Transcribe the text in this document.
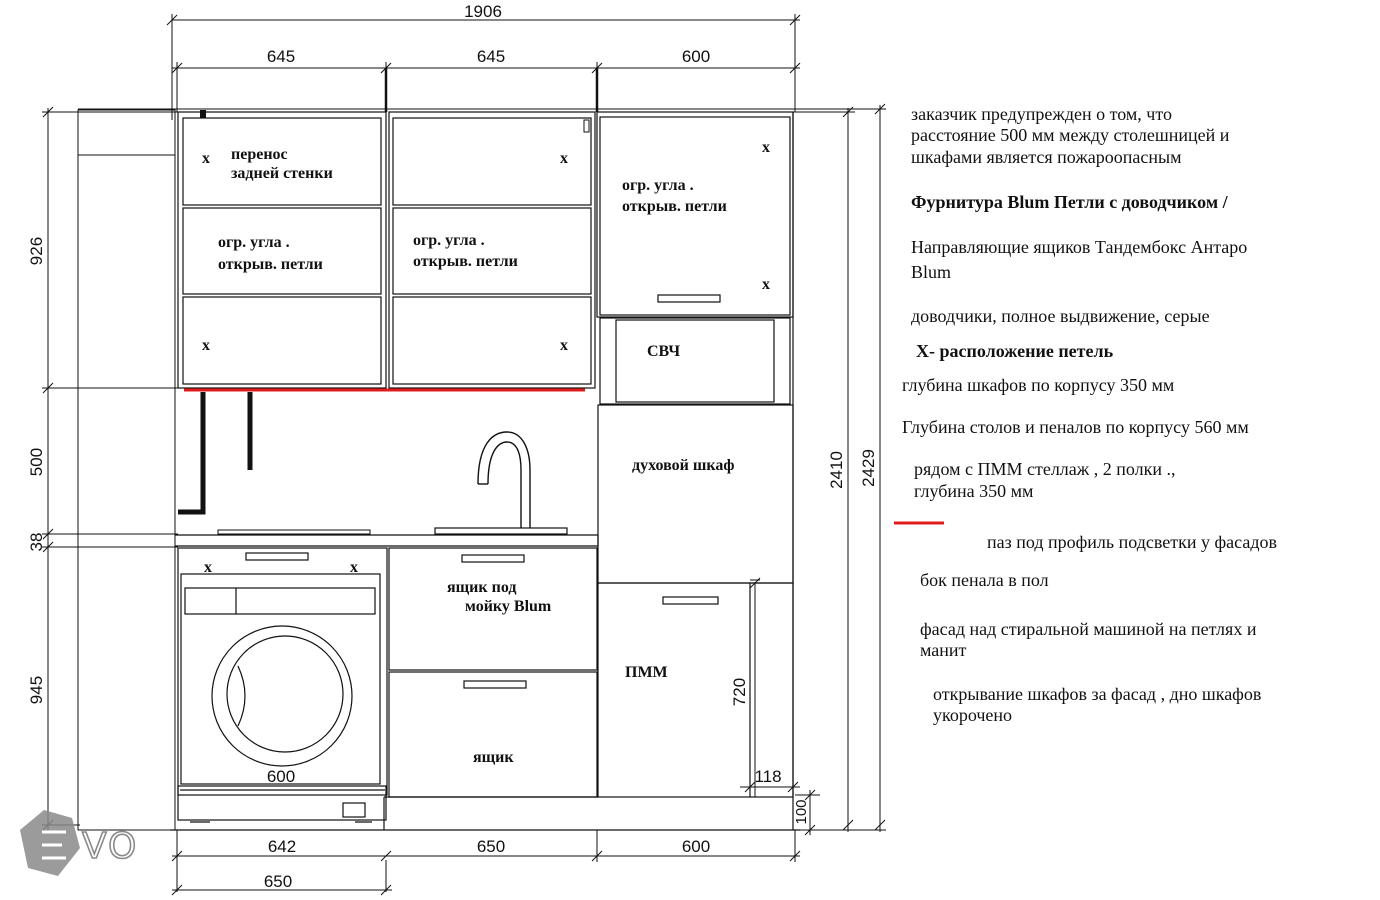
1906
645	645	600
926
500
38
945
600
642	650	600
650
2410 2429
720
118
100
перенос
задней стенки
огр. угла .
открыв. петли
огр. угла .
открыв. петли
огр. угла .
открыв. петли
СВЧ
духовой шкаф
ящик под
мойку Blum
ящик
ПММ
x
x
x
x
x
x
x	x
VO
заказчик предупрежден о том, что
расстояние 500 мм между столешницей и
шкафами является пожароопасным
Фурнитура Blum Петли с доводчиком /
Направляющие ящиков Тандембокс Антаро
Blum
доводчики, полное выдвижение, серые
X- расположение петель
глубина шкафов по корпусу 350 мм
Глубина столов и пеналов по корпусу 560 мм
рядом с ПММ стеллаж , 2 полки .,
глубина 350 мм
паз под профиль подсветки у фасадов
бок пенала в пол
фасад над стиральной машиной на петлях и
манит
открывание шкафов за фасад , дно шкафов
укорочено
